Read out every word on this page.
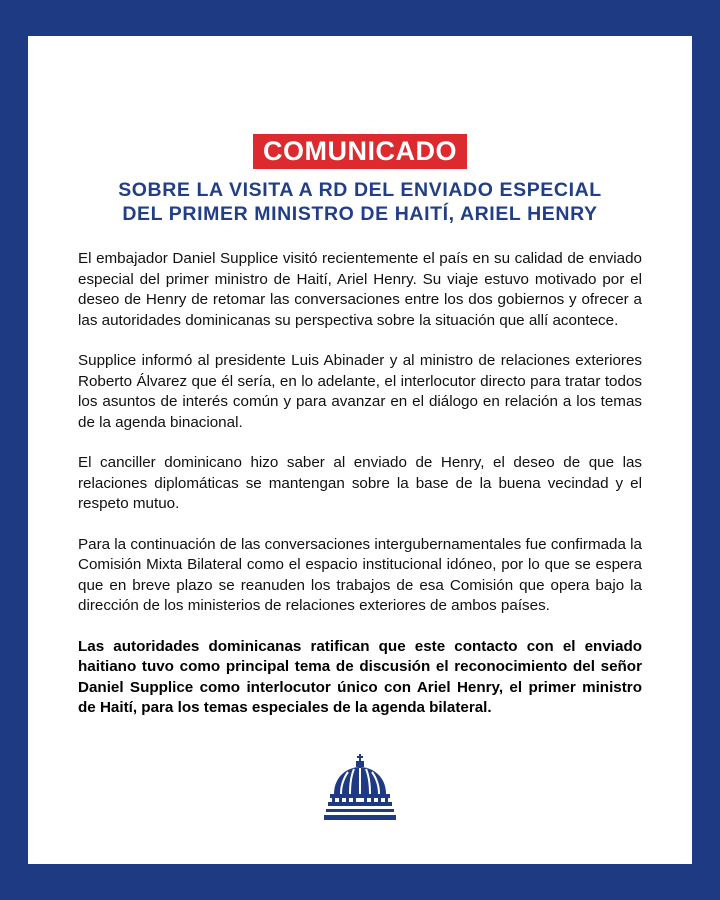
COMUNICADO
SOBRE LA VISITA A RD DEL ENVIADO ESPECIAL
DEL PRIMER MINISTRO DE HAITÍ, ARIEL HENRY

El embajador Daniel Supplice visitó recientemente el país en su calidad de enviado especial del primer ministro de Haití, Ariel Henry. Su viaje estuvo motivado por el deseo de Henry de retomar las conversaciones entre los dos gobiernos y ofrecer a las autoridades dominicanas su perspectiva sobre la situación que allí acontece.

Supplice informó al presidente Luis Abinader y al ministro de relaciones exteriores Roberto Álvarez que él sería, en lo adelante, el interlocutor directo para tratar todos los asuntos de interés común y para avanzar en el diálogo en relación a los temas de la agenda binacional.

El canciller dominicano hizo saber al enviado de Henry, el deseo de que las relaciones diplomáticas se mantengan sobre la base de la buena vecindad y el respeto mutuo.

Para la continuación de las conversaciones intergubernamentales fue confirmada la Comisión Mixta Bilateral como el espacio institucional idóneo, por lo que se espera que en breve plazo se reanuden los trabajos de esa Comisión que opera bajo la dirección de los ministerios de relaciones exteriores de ambos países.

Las autoridades dominicanas ratifican que este contacto con el enviado haitiano tuvo como principal tema de discusión el reconocimiento del señor Daniel Supplice como interlocutor único con Ariel Henry, el primer ministro de Haití, para los temas especiales de la agenda bilateral.
